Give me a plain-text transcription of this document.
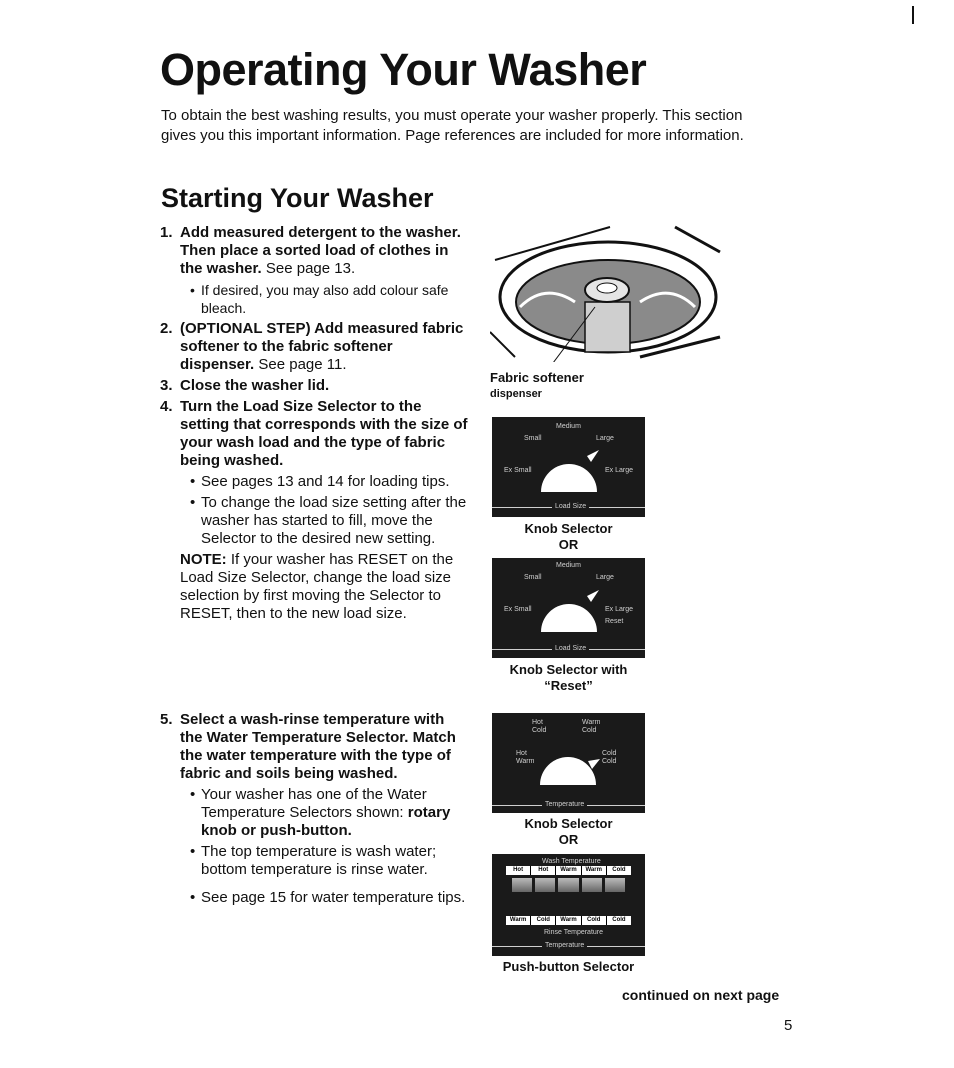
Operating Your Washer

To obtain the best washing results, you must operate your washer properly. This section gives you this important information. Page references are included for more information.

Starting Your Washer
1. Add measured detergent to the washer. Then place a sorted load of clothes in the washer. See page 13.
• If desired, you may also add colour safe bleach.
2. (OPTIONAL STEP) Add measured fabric softener to the fabric softener dispenser. See page 11.
3. Close the washer lid.
4. Turn the Load Size Selector to the setting that corresponds with the size of your wash load and the type of fabric being washed.
• See pages 13 and 14 for loading tips.
• To change the load size setting after the washer has started to fill, move the Selector to the desired new setting.
NOTE: If your washer has RESET on the Load Size Selector, change the load size selection by first moving the Selector to RESET, then to the new load size.
5. Select a wash-rinse temperature with the Water Temperature Selector. Match the water temperature with the type of fabric and soils being washed.
• Your washer has one of the Water Temperature Selectors shown: rotary knob or push-button.
• The top temperature is wash water; bottom temperature is rinse water.
• See page 15 for water temperature tips.
Fabric softener
dispenser
Medium
Small	Large
Ex Small	Ex Large
Load Size
Knob Selector
OR
Medium
Small	Large
Ex Small	Ex Large
Reset
Load Size
Knob Selector with
“Reset”
Hot
Cold
Warm
Cold
Hot
Warm
Cold
Cold
Temperature
Knob Selector
OR
Wash Temperature
Hot	Hot	Warm	Warm	Cold
Warm	Cold	Warm	Cold	Cold
Rinse Temperature
Temperature
Push-button Selector
continued on next page
5
